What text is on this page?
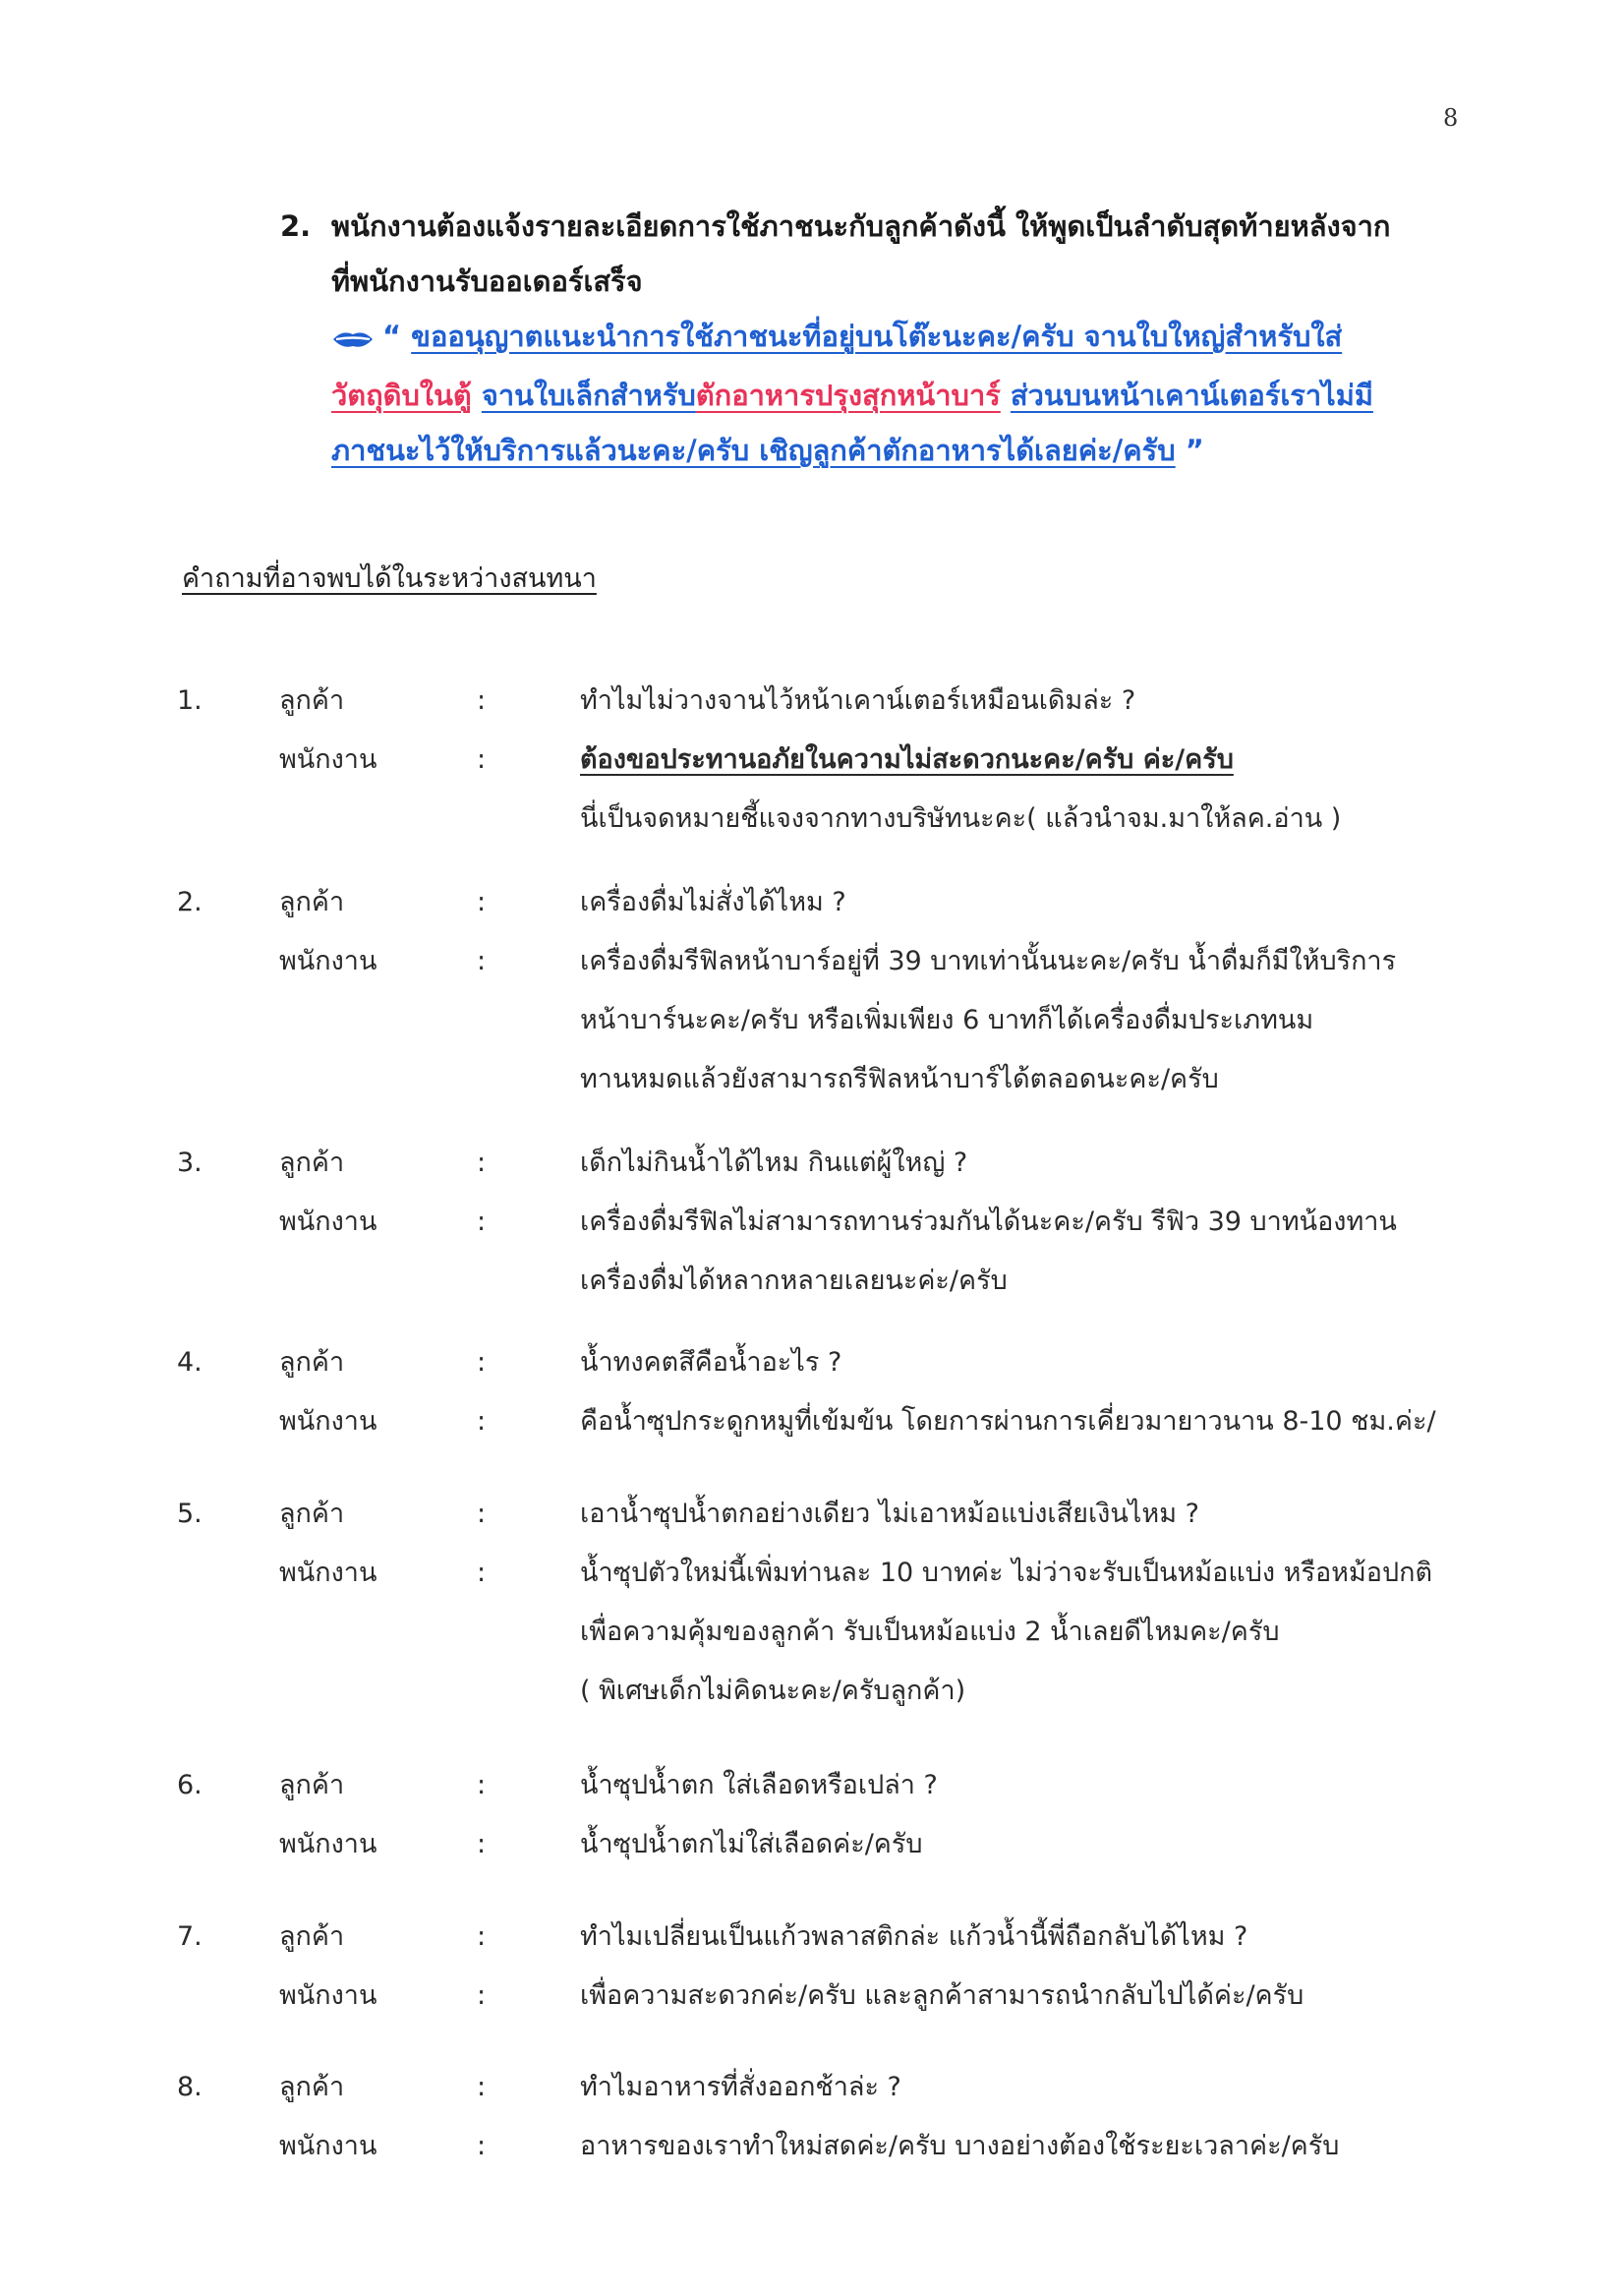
8
2. พนักงานต้องแจ้งรายละเอียดการใช้ภาชนะกับลูกค้าดังนี้ ให้พูดเป็นลำดับสุดท้ายหลังจาก
ที่พนักงานรับออเดอร์เสร็จ
“ ขออนุญาตแนะนำการใช้ภาชนะที่อยู่บนโต๊ะนะคะ/ครับ จานใบใหญ่สำหรับใส่
วัตถุดิบในตู้ จานใบเล็กสำหรับตักอาหารปรุงสุกหน้าบาร์ ส่วนบนหน้าเคาน์เตอร์เราไม่มี
ภาชนะไว้ให้บริการแล้วนะคะ/ครับ เชิญลูกค้าตักอาหารได้เลยค่ะ/ครับ ”
คำถามที่อาจพบได้ในระหว่างสนทนา
1.	ลูกค้า	:	ทำไมไม่วางจานไว้หน้าเคาน์เตอร์เหมือนเดิมล่ะ ?
พนักงาน	:	ต้องขอประทานอภัยในความไม่สะดวกนะคะ/ครับ ค่ะ/ครับ
นี่เป็นจดหมายชี้แจงจากทางบริษัทนะคะ( แล้วนำจม.มาให้ลค.อ่าน )
2.	ลูกค้า	:	เครื่องดื่มไม่สั่งได้ไหม ?
พนักงาน	:	เครื่องดื่มรีฟิลหน้าบาร์อยู่ที่ 39 บาทเท่านั้นนะคะ/ครับ น้ำดื่มก็มีให้บริการ
หน้าบาร์นะคะ/ครับ หรือเพิ่มเพียง 6 บาทก็ได้เครื่องดื่มประเภทนม
ทานหมดแล้วยังสามารถรีฟิลหน้าบาร์ได้ตลอดนะคะ/ครับ
3.	ลูกค้า	:	เด็กไม่กินน้ำได้ไหม กินแต่ผู้ใหญ่ ?
พนักงาน	:	เครื่องดื่มรีฟิลไม่สามารถทานร่วมกันได้นะคะ/ครับ รีฟิว 39 บาทน้องทาน
เครื่องดื่มได้หลากหลายเลยนะค่ะ/ครับ
4.	ลูกค้า	:	น้ำทงคตสึคือน้ำอะไร ?
พนักงาน	:	คือน้ำซุปกระดูกหมูที่เข้มข้น โดยการผ่านการเคี่ยวมายาวนาน 8-10 ชม.ค่ะ/
5.	ลูกค้า	:	เอาน้ำซุปน้ำตกอย่างเดียว ไม่เอาหม้อแบ่งเสียเงินไหม ?
พนักงาน	:	น้ำซุปตัวใหม่นี้เพิ่มท่านละ 10 บาทค่ะ ไม่ว่าจะรับเป็นหม้อแบ่ง หรือหม้อปกติ
เพื่อความคุ้มของลูกค้า รับเป็นหม้อแบ่ง 2 น้ำเลยดีไหมคะ/ครับ
( พิเศษเด็กไม่คิดนะคะ/ครับลูกค้า)
6.	ลูกค้า	:	น้ำซุปน้ำตก ใส่เลือดหรือเปล่า ?
พนักงาน	:	น้ำซุปน้ำตกไม่ใส่เลือดค่ะ/ครับ
7.	ลูกค้า	:	ทำไมเปลี่ยนเป็นแก้วพลาสติกล่ะ แก้วน้ำนี้พี่ถือกลับได้ไหม ?
พนักงาน	:	เพื่อความสะดวกค่ะ/ครับ และลูกค้าสามารถนำกลับไปได้ค่ะ/ครับ
8.	ลูกค้า	:	ทำไมอาหารที่สั่งออกช้าล่ะ ?
พนักงาน	:	อาหารของเราทำใหม่สดค่ะ/ครับ บางอย่างต้องใช้ระยะเวลาค่ะ/ครับ
